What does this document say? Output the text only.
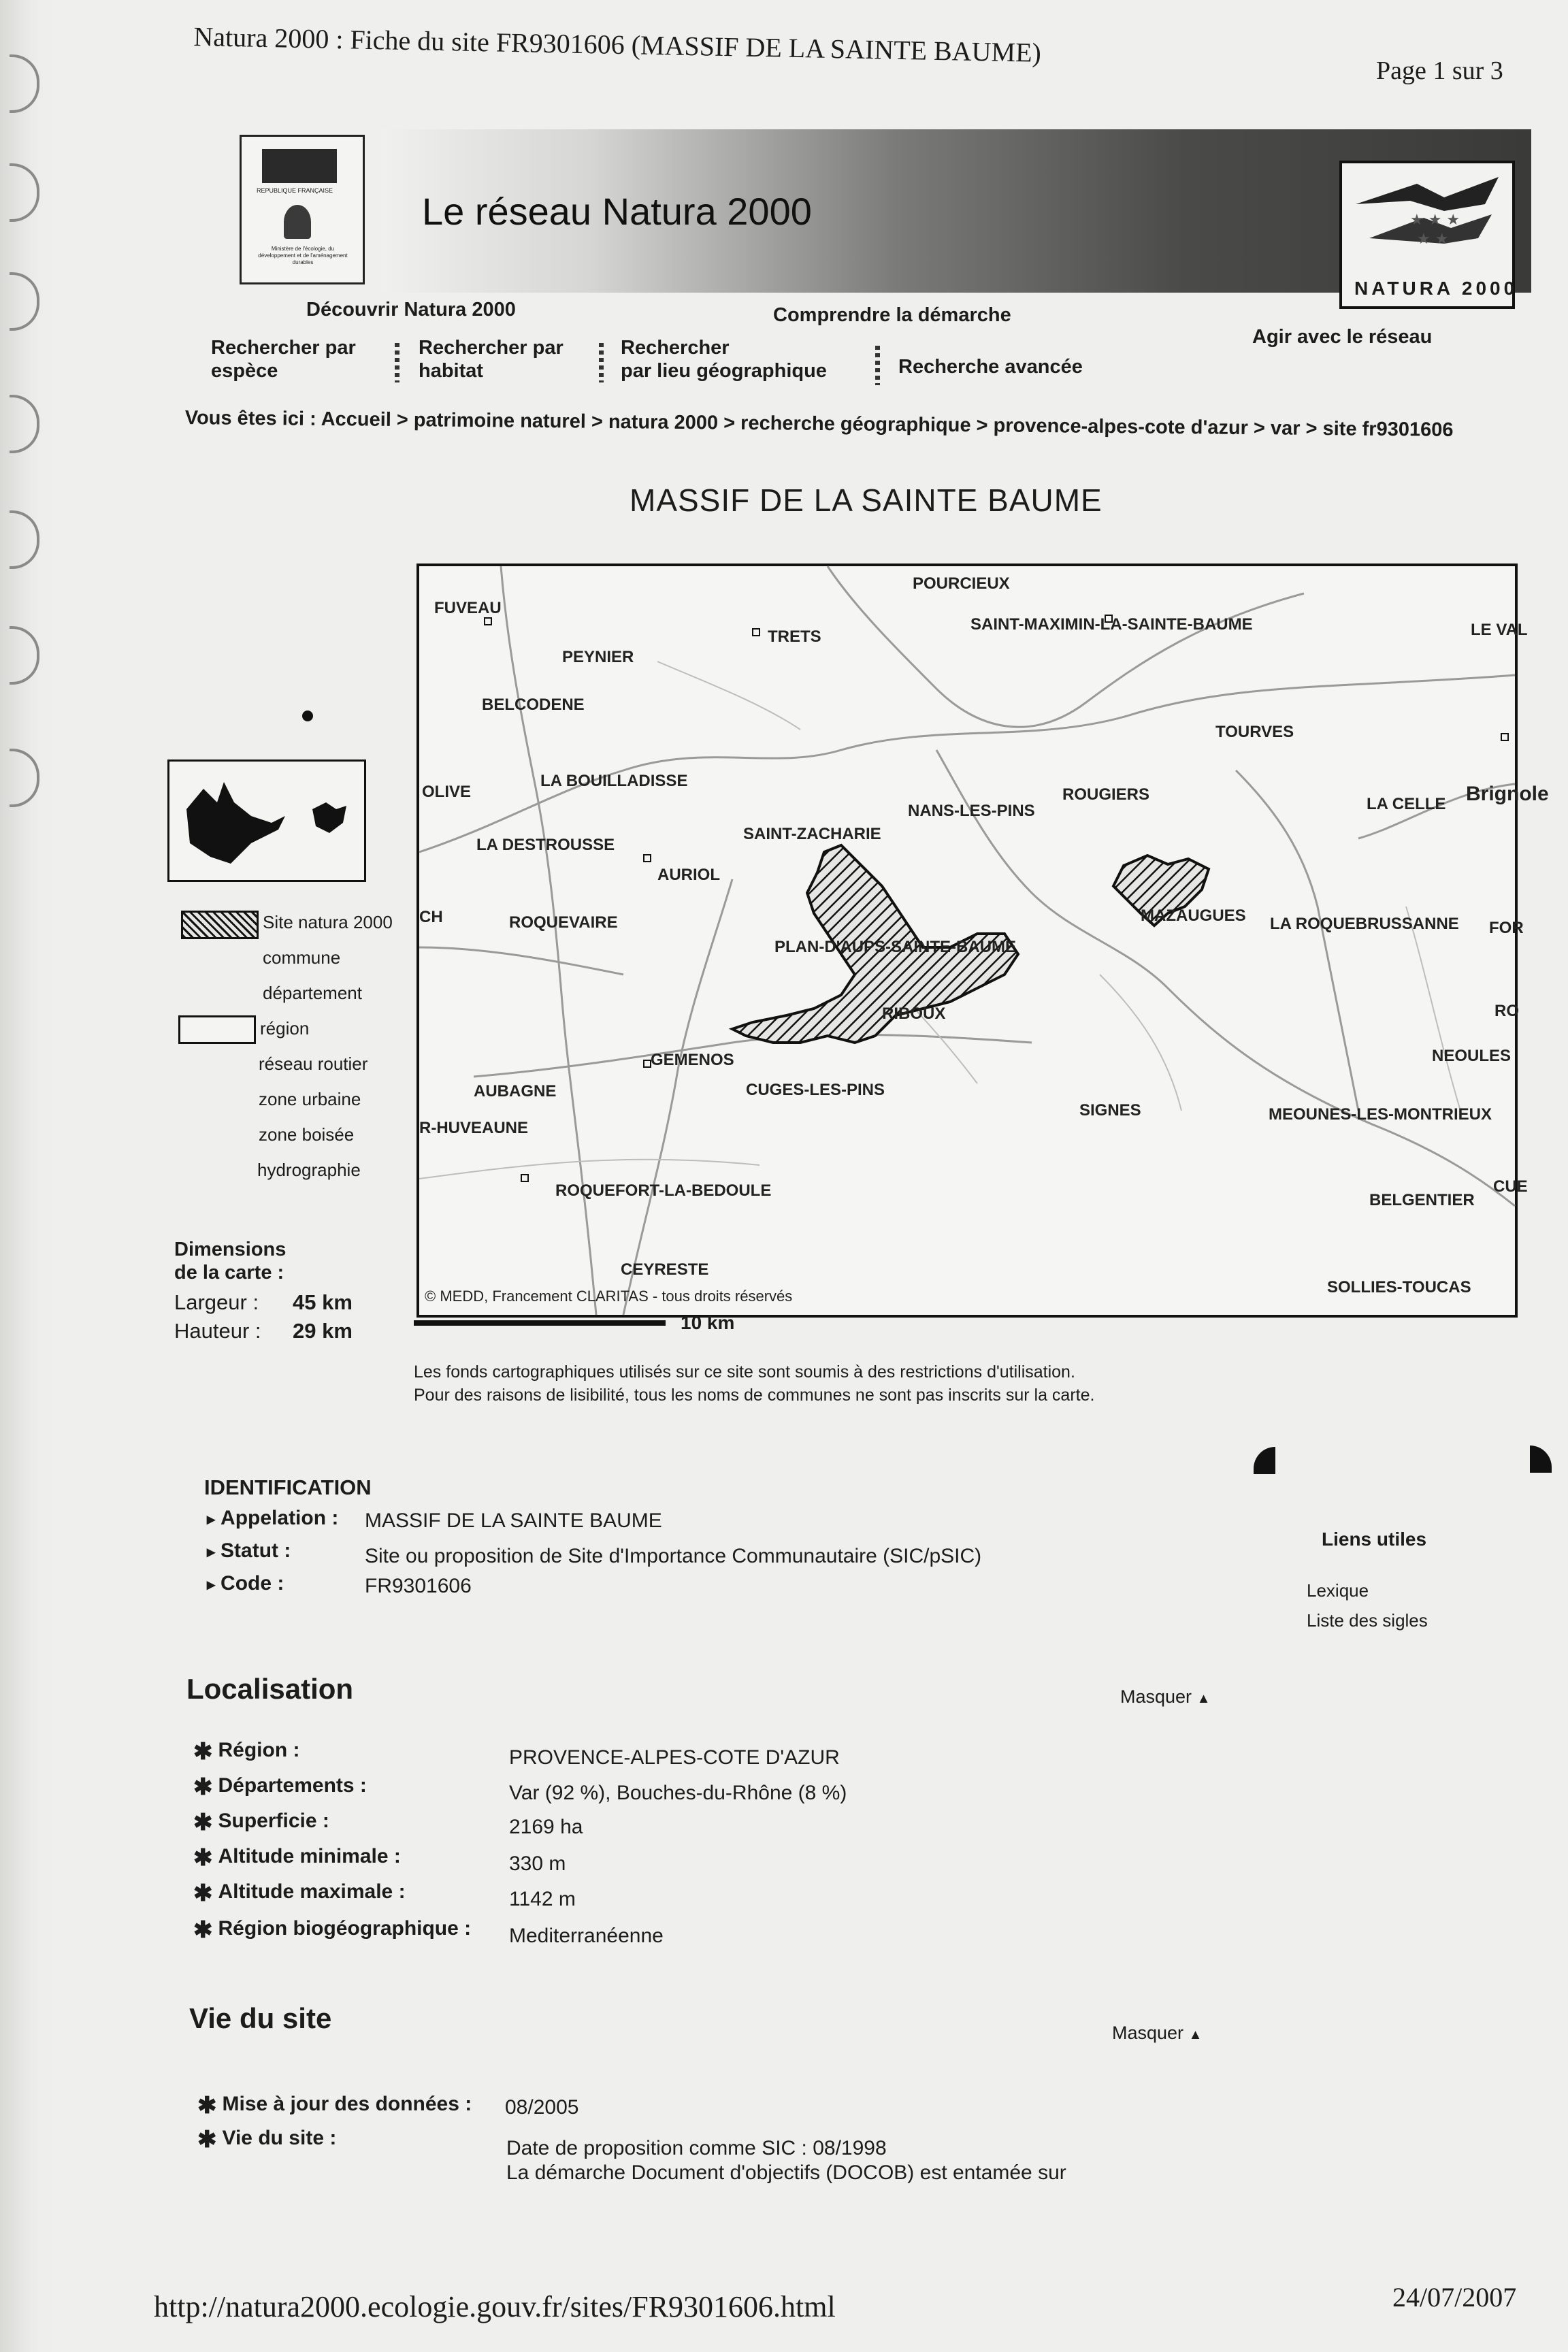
Natura 2000 : Fiche du site FR9301606 (MASSIF DE LA SAINTE BAUME)
Page 1 sur 3
REPUBLIQUE FRANÇAISE
Ministère de l'écologie, du développement et de l'aménagement durables
Le réseau Natura 2000	★ ★ ★
★ ★
NATURA 2000
Découvrir Natura 2000	Comprendre la démarche
Agir avec le réseau
Rechercher par
espèce
Rechercher par
habitat
Rechercher
par lieu géographique	Recherche avancée
Vous êtes ici : Accueil > patrimoine naturel > natura 2000 > recherche géographique > provence-alpes-cote d'azur > var > site fr9301606
MASSIF DE LA SAINTE BAUME
POURCIEUX
FUVEAU
TRETS
SAINT-MAXIMIN-LA-SAINTE-BAUME	LE VAL
PEYNIER
BELCODENE
TOURVES
OLIVE
LA BOUILLADISSE
ROUGIERS	Brignole
NANS-LES-PINS	LA CELLE
LA DESTROUSSE
SAINT-ZACHARIE
AURIOL
CH	ROQUEVAIRE	MAZAUGUES LA ROQUEBRUSSANNE FOR
PLAN-D'AUPS-SAINTE-BAUME
RIBOUX	RO
GEMENOS	NEOULES
AUBAGNE	CUGES-LES-PINS
SIGNES	MEOUNES-LES-MONTRIEUX
R-HUVEAUNE
ROQUEFORT-LA-BEDOULE
BELGENTIER
CUE
CEYRESTE
SOLLIES-TOUCAS
© MEDD, Francement CLARITAS - tous droits réservés
10 km
Site natura 2000
commune
département
région
réseau routier
zone urbaine
zone boisée
hydrographie
Dimensions
de la carte :
Largeur : 45 km
Hauteur : 29 km
Les fonds cartographiques utilisés sur ce site sont soumis à des restrictions d'utilisation.
Pour des raisons de lisibilité, tous les noms de communes ne sont pas inscrits sur la carte.
IDENTIFICATION
▸ Appelation : MASSIF DE LA SAINTE BAUME
▸ Statut :	Site ou proposition de Site d'Importance Communautaire (SIC/pSIC)
▸ Code :	FR9301606
Liens utiles
Lexique
Liste des sigles
Localisation	Masquer ▲
✱ Région :	PROVENCE-ALPES-COTE D'AZUR
✱ Départements :	Var (92 %), Bouches-du-Rhône (8 %)
✱ Superficie :	2169 ha
✱ Altitude minimale :	330 m
✱ Altitude maximale :	1142 m
✱ Région biogéographique : Mediterranéenne
Vie du site	Masquer ▲
✱ Mise à jour des données : 08/2005
✱ Vie du site :	Date de proposition comme SIC : 08/1998
La démarche Document d'objectifs (DOCOB) est entamée sur
http://natura2000.ecologie.gouv.fr/sites/FR9301606.html	24/07/2007
